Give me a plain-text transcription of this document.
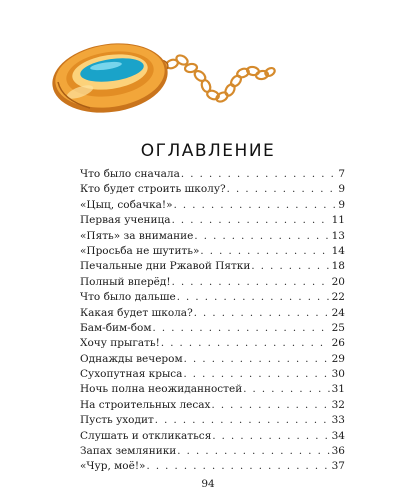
ОГЛАВЛЕНИЕ
Что было сначала . . .	7
Кто будет строить школу? . . .	9
«Цыц, собачка!» . . .	9
Первая ученица . . .	11
«Пять» за внимание . . .	13
«Просьба не шутить» . . .	14
Печальные дни Ржавой Пятки . . .	18
Полный вперёд! . . .	20
Что было дальше . . .	22
Какая будет школа? . . .	24
Бам-бим-бом . . .	25
Хочу прыгать! . . .	26
Однажды вечером . . .	29
Сухопутная крыса . . .	30
Ночь полна неожиданностей . . .	31
На строительных лесах . . .	32
Пусть уходит . . .	33
Слушать и откликаться . . .	34
Запах земляники . . .	36
«Чур, моё!» . . .	37
94
